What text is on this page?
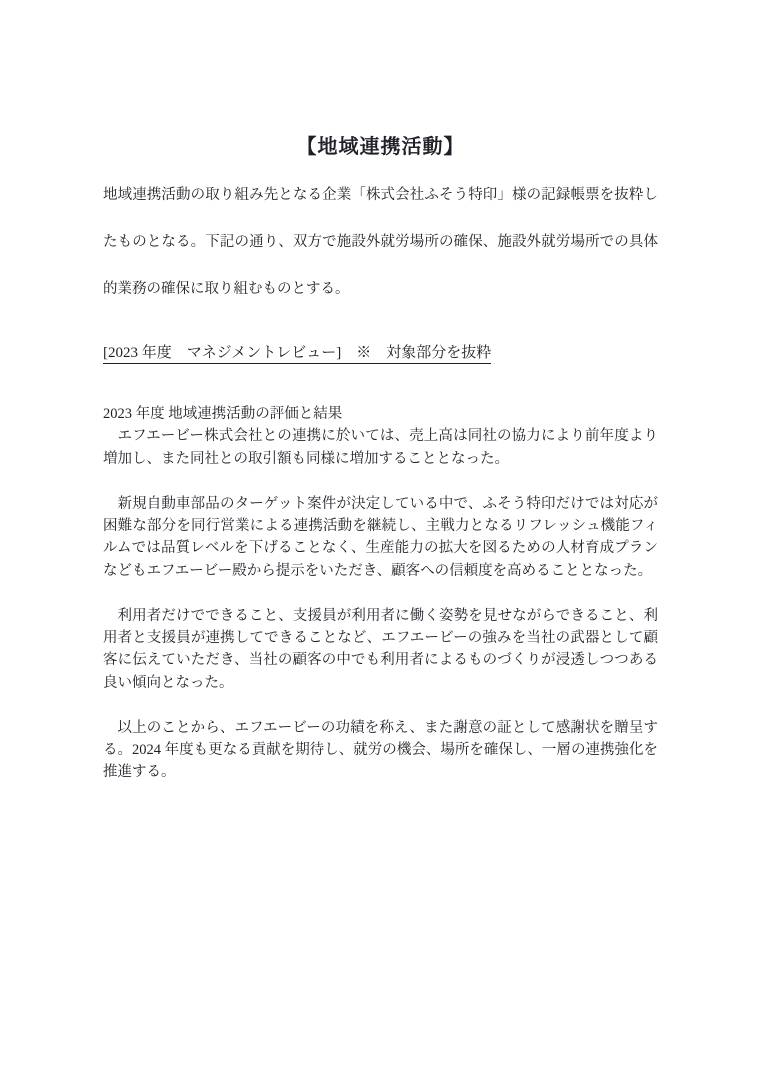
【地域連携活動】

地域連携活動の取り組み先となる企業「株式会社ふそう特印」様の記録帳票を抜粋したものとなる。下記の通り、双方で施設外就労場所の確保、施設外就労場所での具体的業務の確保に取り組むものとする。

[2023 年度　マネジメントレビュー]　※　対象部分を抜粋

2023 年度 地域連携活動の評価と結果

エフエービー株式会社との連携に於いては、売上高は同社の協力により前年度より増加し、また同社との取引額も同様に増加することとなった。

新規自動車部品のターゲット案件が決定している中で、ふそう特印だけでは対応が困難な部分を同行営業による連携活動を継続し、主戦力となるリフレッシュ機能フィルムでは品質レベルを下げることなく、生産能力の拡大を図るための人材育成プランなどもエフエービー殿から提示をいただき、顧客への信頼度を高めることとなった。

利用者だけでできること、支援員が利用者に働く姿勢を見せながらできること、利用者と支援員が連携してできることなど、エフエービーの強みを当社の武器として顧客に伝えていただき、当社の顧客の中でも利用者によるものづくりが浸透しつつある良い傾向となった。

以上のことから、エフエービーの功績を称え、また謝意の証として感謝状を贈呈する。2024 年度も更なる貢献を期待し、就労の機会、場所を確保し、一層の連携強化を推進する。
